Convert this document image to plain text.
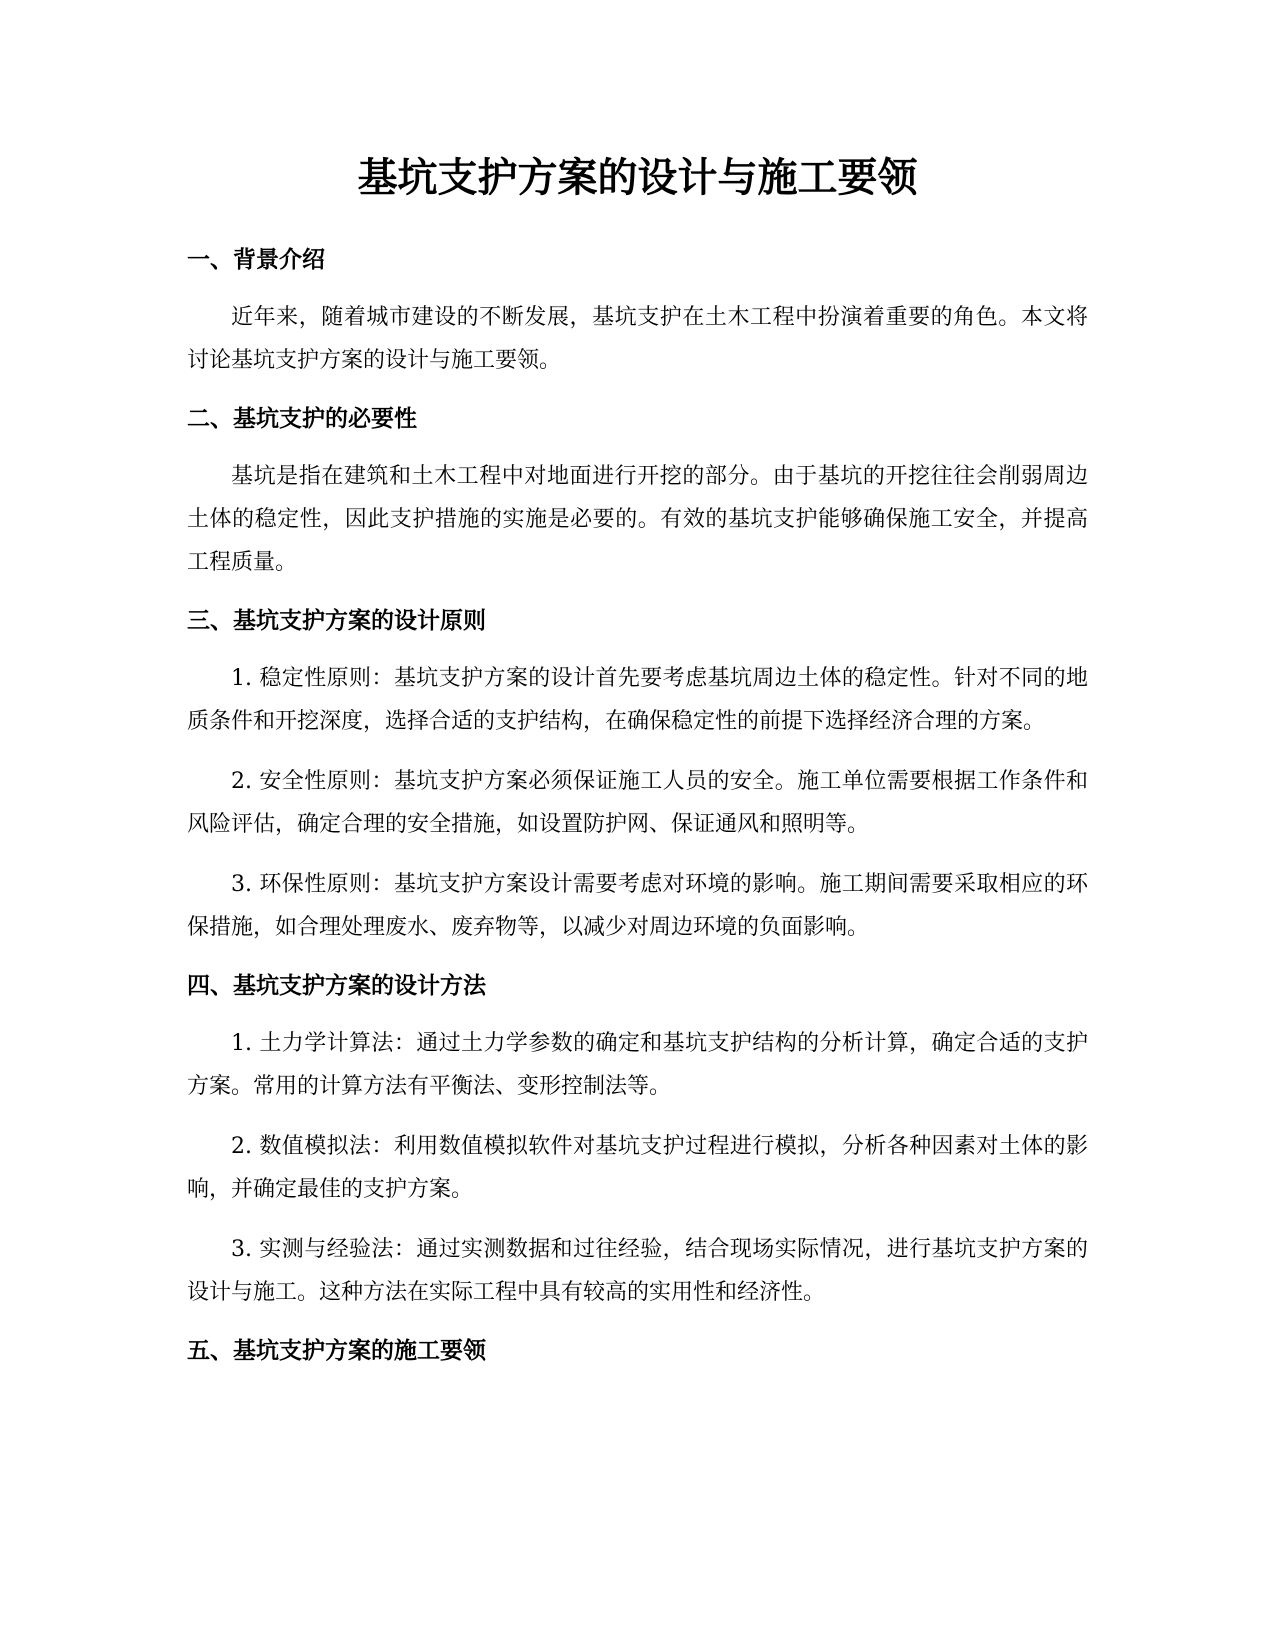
基坑支护方案的设计与施工要领
一、背景介绍

近年来，随着城市建设的不断发展，基坑支护在土木工程中扮演着重要的角色。本文将讨论基坑支护方案的设计与施工要领。

二、基坑支护的必要性

基坑是指在建筑和土木工程中对地面进行开挖的部分。由于基坑的开挖往往会削弱周边土体的稳定性，因此支护措施的实施是必要的。有效的基坑支护能够确保施工安全，并提高工程质量。

三、基坑支护方案的设计原则

1. 稳定性原则：基坑支护方案的设计首先要考虑基坑周边土体的稳定性。针对不同的地质条件和开挖深度，选择合适的支护结构，在确保稳定性的前提下选择经济合理的方案。

2. 安全性原则：基坑支护方案必须保证施工人员的安全。施工单位需要根据工作条件和风险评估，确定合理的安全措施，如设置防护网、保证通风和照明等。

3. 环保性原则：基坑支护方案设计需要考虑对环境的影响。施工期间需要采取相应的环保措施，如合理处理废水、废弃物等，以减少对周边环境的负面影响。

四、基坑支护方案的设计方法

1. 土力学计算法：通过土力学参数的确定和基坑支护结构的分析计算，确定合适的支护方案。常用的计算方法有平衡法、变形控制法等。

2. 数值模拟法：利用数值模拟软件对基坑支护过程进行模拟，分析各种因素对土体的影响，并确定最佳的支护方案。

3. 实测与经验法：通过实测数据和过往经验，结合现场实际情况，进行基坑支护方案的设计与施工。这种方法在实际工程中具有较高的实用性和经济性。

五、基坑支护方案的施工要领
